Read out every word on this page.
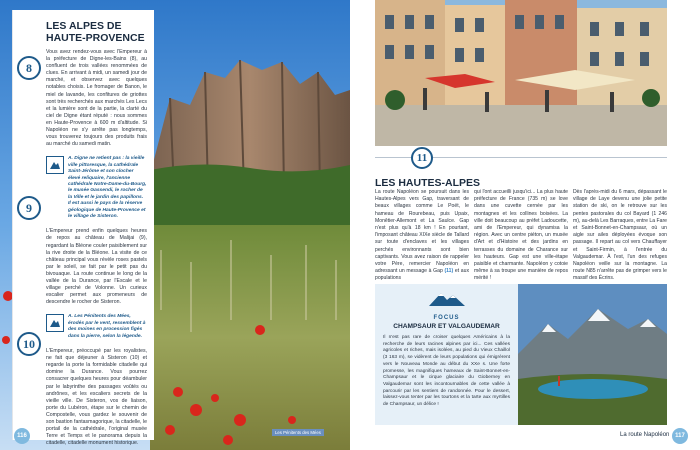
8
9
10
LES ALPES DE HAUTE-PROVENCE

Vous avez rendez-vous avec l'Empereur à la préfecture de Digne-les-Bains (8), au confluent de trois vallées renommées de clues. En arrivant à midi, un samedi jour de marché, et observez avec quelques notables choisis. Le fromager de Banon, le miel de lavande, les confitures de griottes sont très recherchés aux marchés Les Lecs et la lumière sont de la partie, la clarté du ciel de Digne étant réputé : nous sommes en Haute-Provence à 600 m d'altitude. Si Napoléon ne s'y arrête pas longtemps, vous trouverez toujours des produits frais au marché du samedi matin.

A. Digne ne retient pas : la vieille ville pittoresque, la cathédrale Saint-Jérôme et son clocher élevé reliquaire, l'ancienne cathédrale Notre-Dame-du-Bourg, le musée Gassendi, le rocher de la Ville et le jardin des papillons. Il est aussi le pays de la réserve géologique de Haute-Provence et le village de Sisteron.

L'Empereur prend enfin quelques heures de repos au château de Malijai (9), regardant la Bléone couler paisiblement sur la rive droite de la Bléone. La visite de ce château principal vous révèle roses pastels par le soleil, se fait par le petit pas du bivouaque. La route continue le long de la vallée de la Durance, par l'Escale et le village perché de Volonne. Un curieux escalier permet aux promeneurs de descendre le rocher de Sisteron.

A. Les Pénitents des Mées, érodés par le vent, ressemblent à des moines en procession figés dans la pierre, selon la légende.

L'Empereur, préoccupé par les royalistes, ne fait que déjeuner à Sisteron (10) et regarde la porte la formidable citadelle qui domine la Durance. Vous pourrez consacrer quelques heures pour déambuler par le labyrinthe des passages voûtés ou andrônes, et les escaliers secrets de la vieille ville. De Sisteron, vos de liaison, porte du Lubéron, étape sur le chemin de Compostelle, vous gardez le souvenir de son bastion fantasmagorique, la citadelle, le portail de la cathédrale, l'original musée Terre et Temps et le panorama depuis la citadelle, citadelle monument historique.

116
Les Pénitents des Mées
11
LES HAUTES-ALPES

La route Napoléon se poursuit dans les Hautes-Alpes vers Gap, traversant de beaux villages comme Le Poët, le hameau de Rourebeau, puis Upaix, Monêtier-Allemont et La Saulce. Gap n'est plus qu'à 18 km ! En pourtant, l'imposant château XIXe siècle de Tallard sur toute d'enclaves et les villages perchés environnants sont bien captivants. Vous avez raison de rappeler votre Père, remercier Napoléon en adressant un message à Gap (11) et aux populations

qui l'ont accueilli jusqu'ici... La plus haute préfecture de France (735 m) se love dans une cuvette cernée par les montagnes et les collines boisées. La ville doit beaucoup au préfet Ladoucette, ami de l'Empereur, qui dynamisa la région. Avec un centre piéton, un musée d'Art et d'Histoire et des jardins en terrasses du domaine de Charance sur les hauteurs. Gap est une ville-étape paisible et charmante. Napoléon y cotoie même à sa troupe une manière de repos mérité !

Dès l'après-midi du 6 mars, dépassant le village de Laye devenu une jolie petite station de ski, on le retrouve sur les pentes pastorales du col Bayard (1 246 m), au-delà Les Barraques, entre La Fare et Saint-Bonnet-en-Champsaur, où un aigle sur ailes déployées évoque son passage. Il repart au col vers Chauffayer et Saint-Firmin, à l'entrée du Valgaudemar. À l'est, l'un des refuges Napoléon veille sur la montagne. La route N85 n'arrête pas de grimper vers le massif des Écrins.

FOCUS
CHAMPSAUR ET VALGAUDEMAR

Il n'est pas rare de croiser quelques Américains à la recherche de leurs racines alpines par ici... Ces vallées agricoles et riches, mais isolées, au pied du Vieux Chaillol (3 163 m), se vidèrent de leurs populations qui émigrèrent vers le Nouveau Monde au début du XXe s. Une forte promesse, les magnifiques hameaux de Saint-Bonnet-en-Champsaur et le cirque glaciaire du Gioberney en Valgaudemar sont les incontournables de cette vallée à parcourir par les sentiers de randonnée. Pour le dessert, laissez-vous tenter par les tourtons et la tarte aux myrtilles de Champsaur, un délice !

La route Napoléon 117
